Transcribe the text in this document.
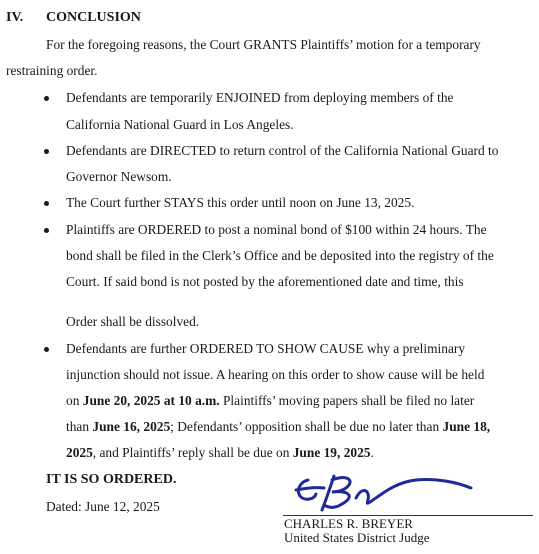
IV. CONCLUSION
For the foregoing reasons, the Court GRANTS Plaintiffs’ motion for a temporary
restraining order.
Defendants are temporarily ENJOINED from deploying members of the
California National Guard in Los Angeles.
Defendants are DIRECTED to return control of the California National Guard to
Governor Newsom.
The Court further STAYS this order until noon on June 13, 2025.
Plaintiffs are ORDERED to post a nominal bond of $100 within 24 hours. The
bond shall be filed in the Clerk’s Office and be deposited into the registry of the
Court. If said bond is not posted by the aforementioned date and time, this
Order shall be dissolved.
Defendants are further ORDERED TO SHOW CAUSE why a preliminary
injunction should not issue. A hearing on this order to show cause will be held
on June 20, 2025 at 10 a.m. Plaintiffs’ moving papers shall be filed no later
than June 16, 2025; Defendants’ opposition shall be due no later than June 18,
2025, and Plaintiffs’ reply shall be due on June 19, 2025.
IT IS SO ORDERED.
Dated: June 12, 2025
CHARLES R. BREYER
United States District Judge
